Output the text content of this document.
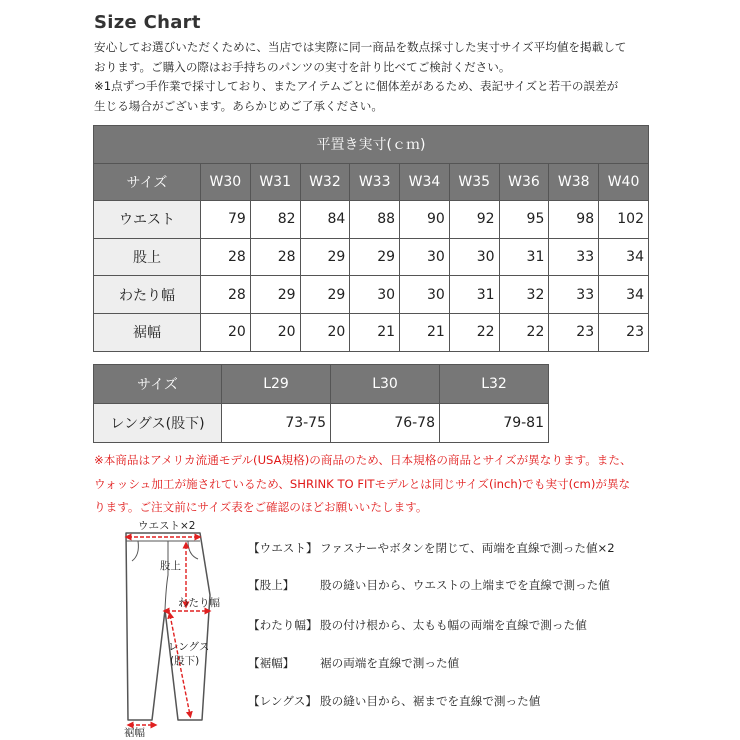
Size Chart
安心してお選びいただくために、当店では実際に同一商品を数点採寸した実寸サイズ平均値を掲載して
おります。ご購入の際はお手持ちのパンツの実寸を計り比べてご検討ください。
※1点ずつ手作業で採寸しており、またアイテムごとに個体差があるため、表記サイズと若干の誤差が
生じる場合がございます。あらかじめご了承ください。
平置き実寸(ｃｍ)									
サイズ	W30	W31	W32	W33	W34	W35	W36	W38	W40
ウエスト	79	82	84	88	90	92	95	98	102
股上	28	28	29	29	30	30	31	33	34
わたり幅	28	29	29	30	30	31	32	33	34
裾幅	20	20	20	21	21	22	22	23	23
サイズ	L29	L30	L32
レングス(股下)	73-75	76-78	79-81
※本商品はアメリカ流通モデル(USA規格)の商品のため、日本規格の商品とサイズが異なります。また、
ウォッシュ加工が施されているため、SHRINK TO FITモデルとは同じサイズ(inch)でも実寸(cm)が異な
ります。ご注文前にサイズ表をご確認のほどお願いいたします。
ウエスト×2
股上
わたり幅
レングス
(股下)
裾幅
【ウエスト】 ファスナーやボタンを閉じて、両端を直線で測った値×2
【股上】 股の縫い目から、ウエストの上端までを直線で測った値
【わたり幅】 股の付け根から、太もも幅の両端を直線で測った値
【裾幅】 裾の両端を直線で測った値
【レングス】 股の縫い目から、裾までを直線で測った値
